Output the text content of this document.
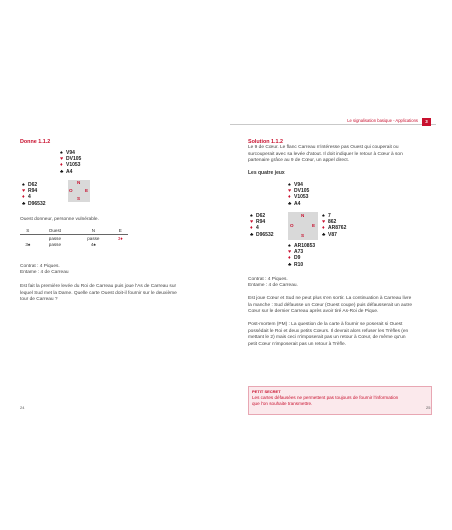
Le signalisation basique - Applications	3
Donne 1.1.2
♠ V94
♥ DV105
♦ V1053
♣ A4
♠ D62
♥ R94
♦ 4
♣ D96532
N
O	E
S
Ouest donneur, personne vulnérable.
S	Ouest	N	E
	passe	passe	3♦
3♠	passe	4♠	
Contrat : 4 Piques.
Entame : 4 de Carreau
Est fait la première levée du Roi de Carreau puis joue l'As de Carreau sur
lequel Sud met la Dame. Quelle carte Ouest doit-il fournir sur le deuxième
tour de Carreau ?
24
Solution 1.1.2
Le 9 de Cœur. Le flanc Carreau n'intéresse pas Ouest qui couperait ou
surcouperait avec sa levée d'atout. Il doit indiquer le retour à Cœur à son
partenaire grâce au 9 de Cœur, un appel direct.
Les quatre jeux
♠ V94
♥ DV105
♦ V1053
♣ A4
♠ D62
♥ R94
♦ 4
♣ D96532
♠ 7
♥ 862
♦ AR8762
♣ V87
♠ AR10853
♥ A73
♦ D9
♣ R10
N
O	E
S
Contrat : 4 Piques.
Entame : 4 de Carreau.
Est joue Cœur et Sud ne peut plus s'en sortir. La continuation à Carreau livre
la manche : Sud défausse un Cœur (Ouest coupe) puis défausserait un autre
Cœur sur le dernier Carreau après avoir tiré As-Roi de Pique.
Post-mortem (PM) : La question de la carte à fournir se poserait si Ouest
possédait le Roi et deux petits Cœurs. Il devrait alors refuser les Trèfles (en
mettant le 2) mais ceci n'imposerait pas un retour à Cœur, de même qu'un
petit Cœur n'imposerait pas un retour à Trèfle.
PETIT SECRET
Les cartes défausées ne permettent pas toujours de fournir l'information
que l'on souhaite transmettre.
25
